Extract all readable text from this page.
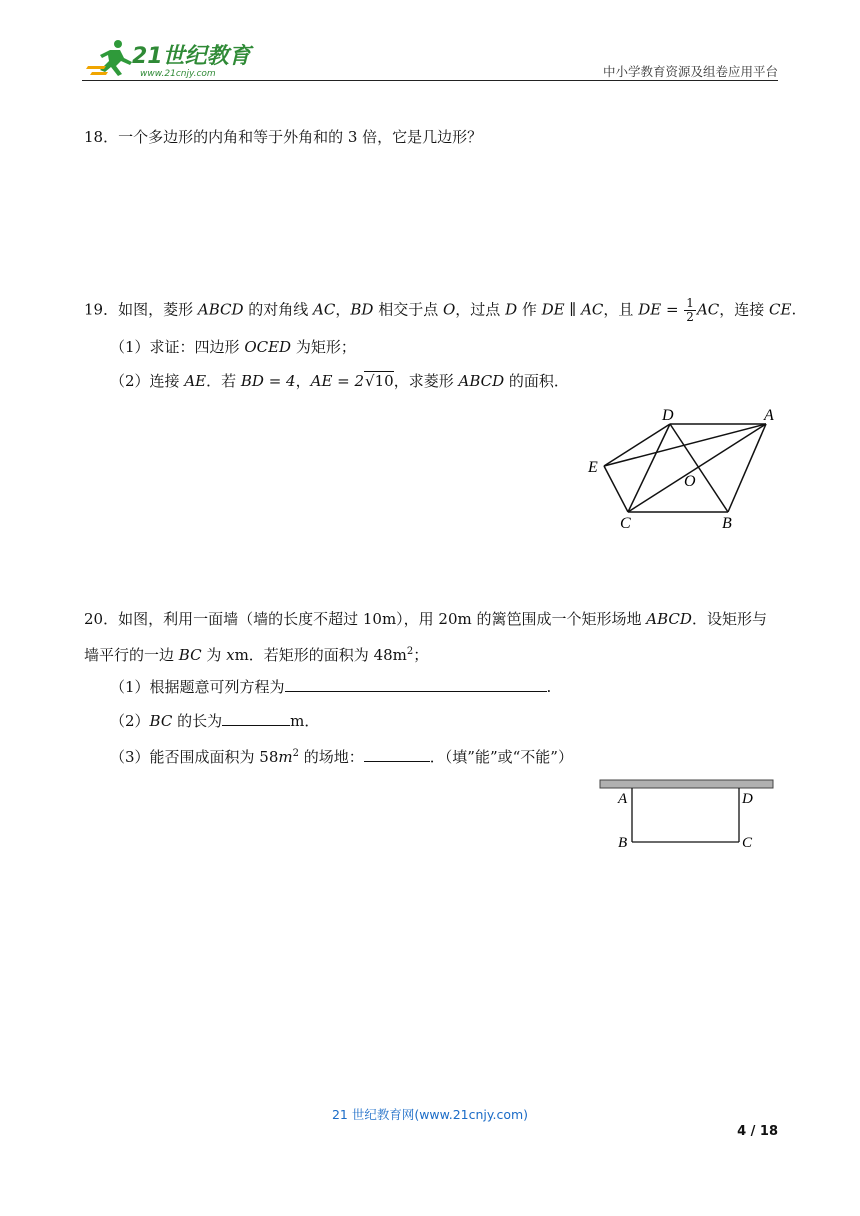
21世纪教育
www.21cnjy.com	中小学教育资源及组卷应用平台
18．一个多边形的内角和等于外角和的 3 倍，它是几边形？
19．如图，菱形 ABCD 的对角线 AC，BD 相交于点 O，过点 D 作 DE ∥ AC，且 DE = $\frac{1}{2}$ AC，连接 CE.
（1）求证：四边形 OCED 为矩形；
（2）连接 AE．若 BD = 4，AE = 2√10，求菱形 ABCD 的面积．
D	A
E
O
C	B
20．如图，利用一面墙（墙的长度不超过 10m），用 20m 的篱笆围成一个矩形场地 ABCD．设矩形与
墙平行的一边 BC 为 xm．若矩形的面积为 $48m^2$；
（1）根据题意可列方程为	.
（2）BC 的长为	m．
（3）能否围成面积为 $58m^2$ 的场地：	．（填”能”或“不能”）
A	D
B	C
21 世纪教育网(www.21cnjy.com)
4 / 18
